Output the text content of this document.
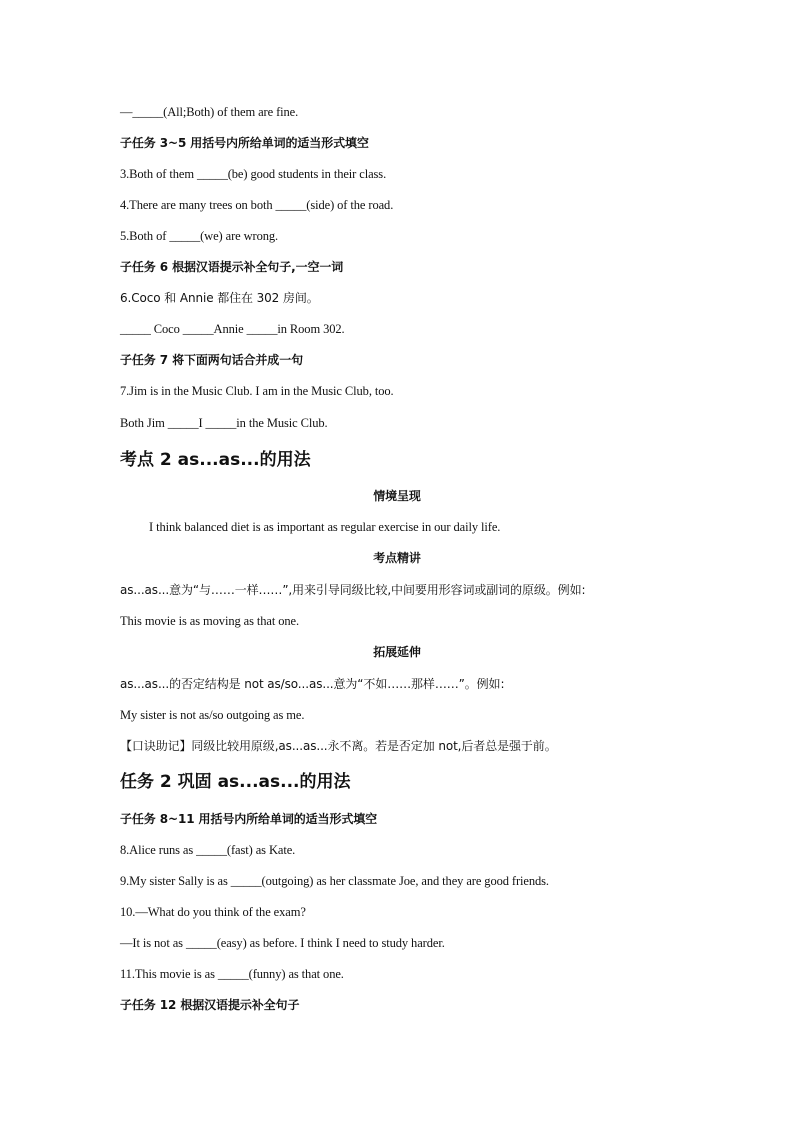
—_____(All;Both) of them are fine.
子任务 3~5 用括号内所给单词的适当形式填空
3.Both of them _____(be) good students in their class.
4.There are many trees on both _____(side) of the road.
5.Both of _____(we) are wrong.
子任务 6 根据汉语提示补全句子,一空一词
6.Coco 和 Annie 都住在 302 房间。
_____ Coco _____Annie _____in Room 302.
子任务 7 将下面两句话合并成一句
7.Jim is in the Music Club. I am in the Music Club, too.
Both Jim _____I _____in the Music Club.
考点 2 as...as...的用法
情境呈现
I think balanced diet is as important as regular exercise in our daily life.
考点精讲
as...as...意为“与……一样……”,用来引导同级比较,中间要用形容词或副词的原级。例如:
This movie is as moving as that one.
拓展延伸
as...as...的否定结构是 not as/so...as...意为“不如……那样……”。例如:
My sister is not as/so outgoing as me.
【口诀助记】同级比较用原级,as...as...永不离。若是否定加 not,后者总是强于前。
任务 2 巩固 as...as...的用法
子任务 8~11 用括号内所给单词的适当形式填空
8.Alice runs as _____(fast) as Kate.
9.My sister Sally is as _____(outgoing) as her classmate Joe, and they are good friends.
10.—What do you think of the exam?
—It is not as _____(easy) as before. I think I need to study harder.
11.This movie is as _____(funny) as that one.
子任务 12 根据汉语提示补全句子
